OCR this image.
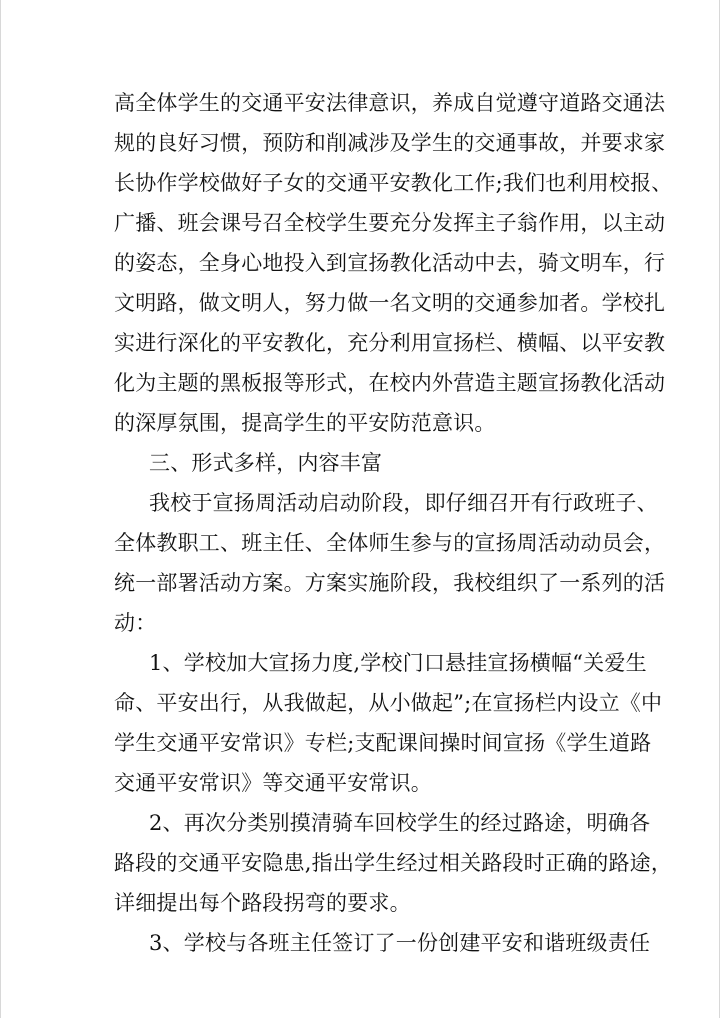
高全体学生的交通平安法律意识，养成自觉遵守道路交通法
规的良好习惯，预防和削减涉及学生的交通事故，并要求家
长协作学校做好子女的交通平安教化工作;我们也利用校报、
广播、班会课号召全校学生要充分发挥主子翁作用，以主动
的姿态，全身心地投入到宣扬教化活动中去，骑文明车，行
文明路，做文明人，努力做一名文明的交通参加者。学校扎
实进行深化的平安教化，充分利用宣扬栏、横幅、以平安教
化为主题的黑板报等形式，在校内外营造主题宣扬教化活动
的深厚氛围，提高学生的平安防范意识。
三、形式多样，内容丰富
我校于宣扬周活动启动阶段，即仔细召开有行政班子、
全体教职工、班主任、全体师生参与的宣扬周活动动员会，
统一部署活动方案。方案实施阶段，我校组织了一系列的活
动：
1、学校加大宣扬力度,学校门口悬挂宣扬横幅“关爱生
命、平安出行，从我做起，从小做起”;在宣扬栏内设立《中
学生交通平安常识》专栏;支配课间操时间宣扬《学生道路
交通平安常识》等交通平安常识。
2、再次分类别摸清骑车回校学生的经过路途，明确各
路段的交通平安隐患,指出学生经过相关路段时正确的路途，
详细提出每个路段拐弯的要求。
3、学校与各班主任签订了一份创建平安和谐班级责任
